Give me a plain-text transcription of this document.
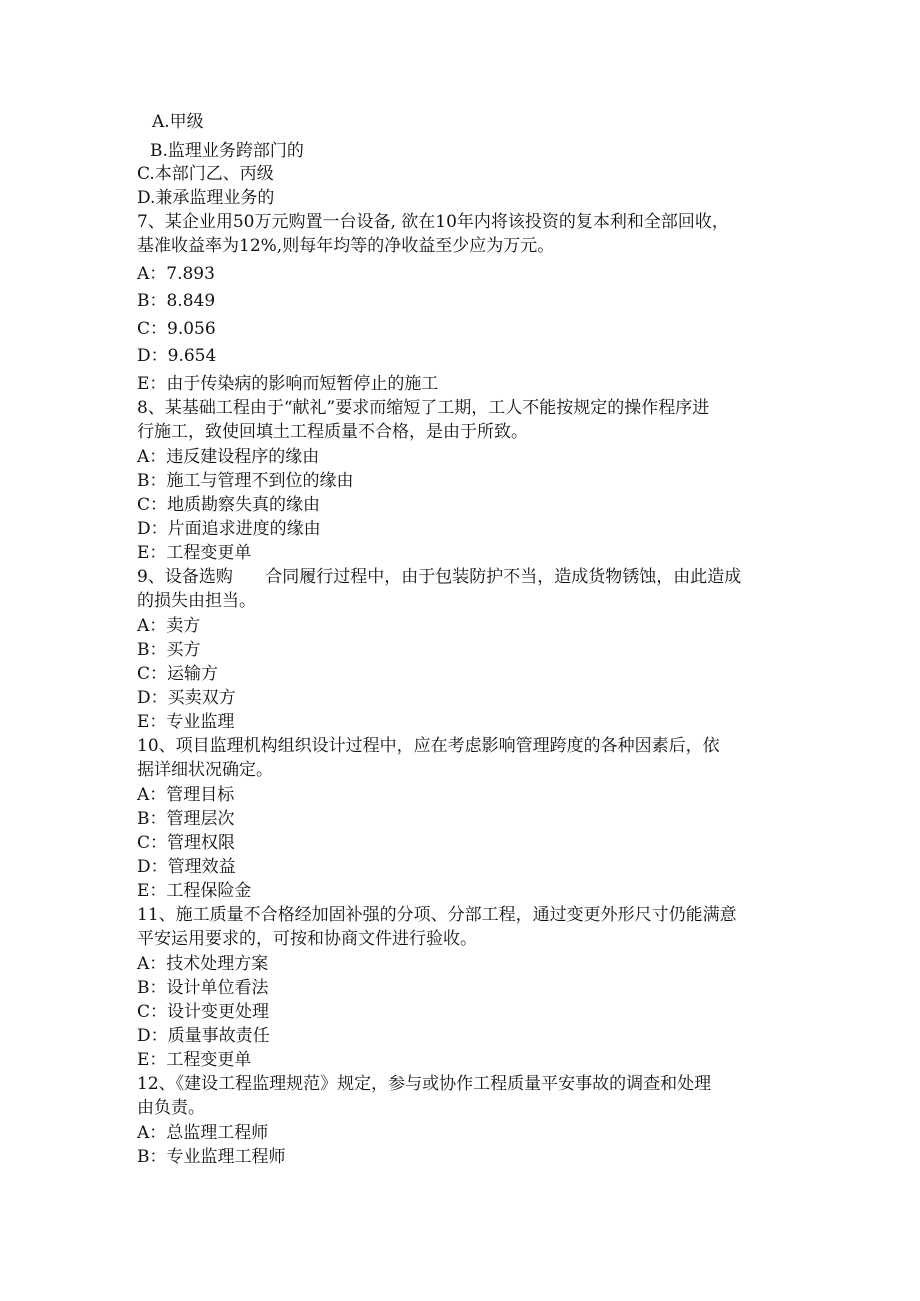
A.甲级
B.监理业务跨部门的
C.本部门乙、丙级
D.兼承监理业务的
7、某企业用50万元购置一台设备, 欲在10年内将该投资的复本利和全部回收，
基准收益率为12%,则每年均等的净收益至少应为万元。
A：7.893
B：8.849
C：9.056
D：9.654
E：由于传染病的影响而短暂停止的施工
8、某基础工程由于“献礼”要求而缩短了工期，工人不能按规定的操作程序进
行施工，致使回填土工程质量不合格，是由于所致。
A：违反建设程序的缘由
B：施工与管理不到位的缘由
C：地质勘察失真的缘由
D：片面追求进度的缘由
E：工程变更单
9、设备选购      合同履行过程中，由于包装防护不当，造成货物锈蚀，由此造成
的损失由担当。
A：卖方
B：买方
C：运输方
D：买卖双方
E：专业监理
10、项目监理机构组织设计过程中，应在考虑影响管理跨度的各种因素后，依
据详细状况确定。
A：管理目标
B：管理层次
C：管理权限
D：管理效益
E：工程保险金
11、施工质量不合格经加固补强的分项、分部工程，通过变更外形尺寸仍能满意
平安运用要求的，可按和协商文件进行验收。
A：技术处理方案
B：设计单位看法
C：设计变更处理
D：质量事故责任
E：工程变更单
12、《建设工程监理规范》规定，参与或协作工程质量平安事故的调查和处理
由负责。
A：总监理工程师
B：专业监理工程师
